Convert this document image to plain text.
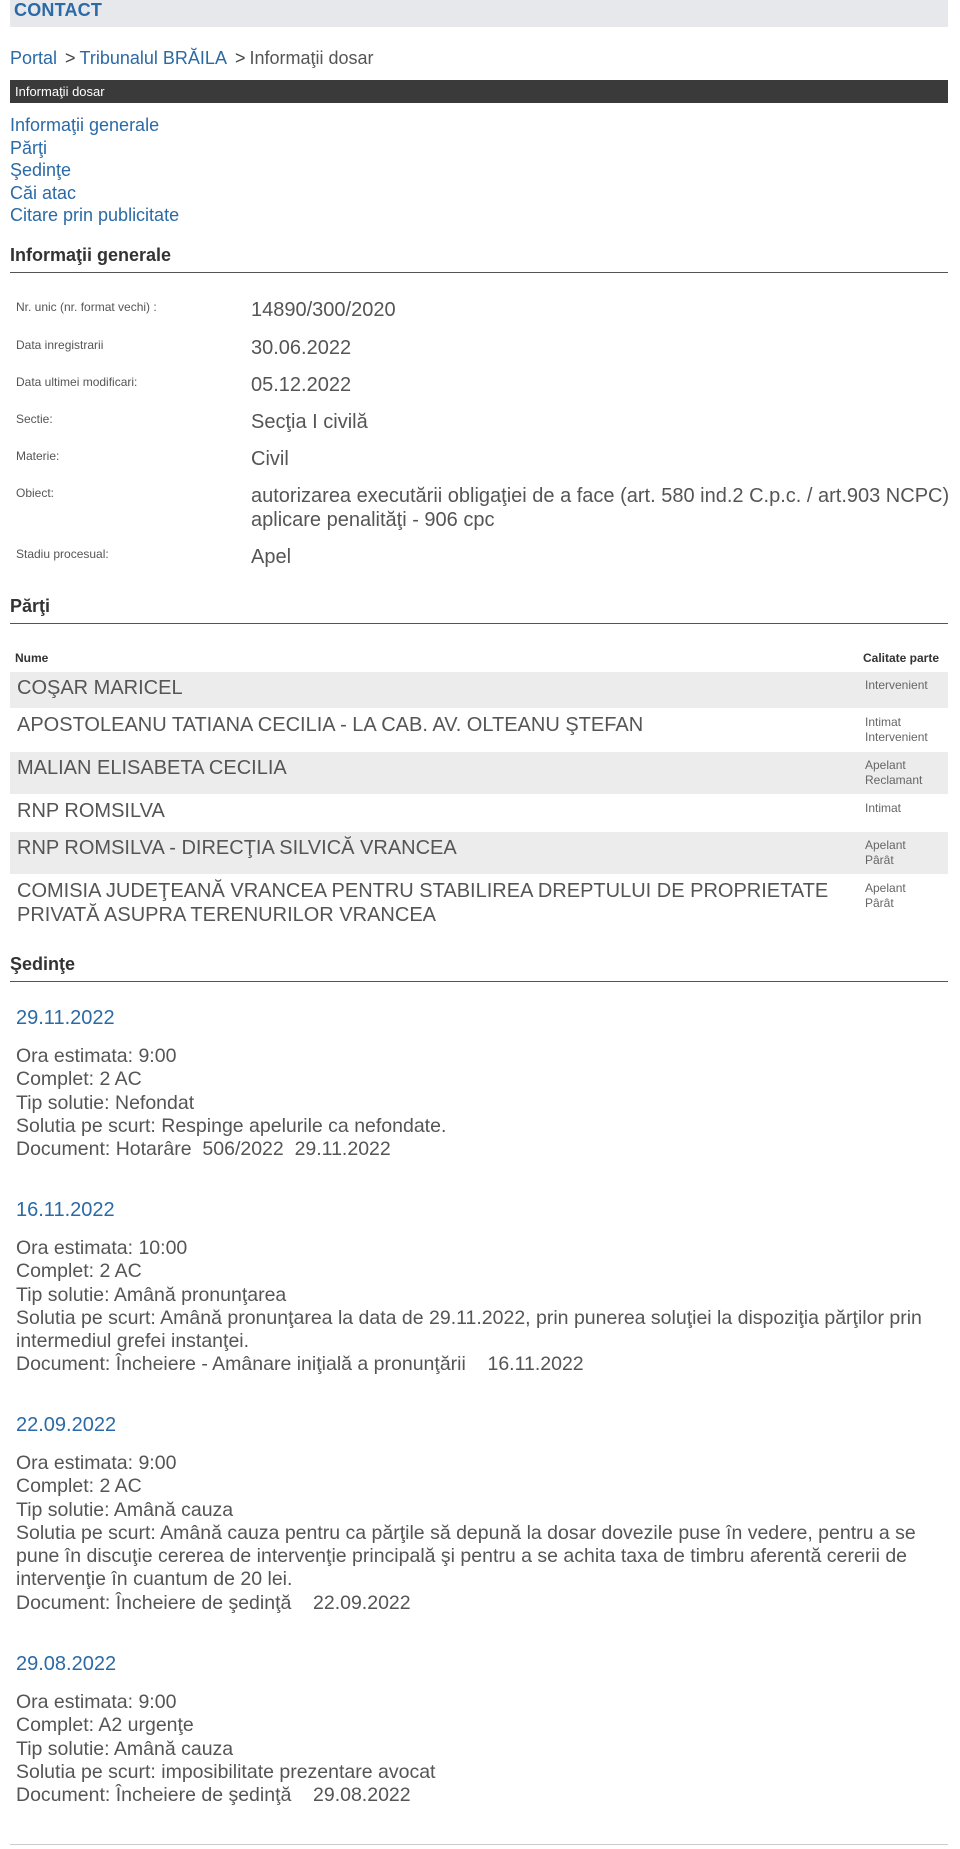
CONTACT
Portal > Tribunalul BRĂILA > Informaţii dosar
Informaţii dosar
Informaţii generale
Părţi
Şedinţe
Căi atac
Citare prin publicitate
Informaţii generale
Nr. unic (nr. format vechi) :	14890/300/2020
Data inregistrarii	30.06.2022
Data ultimei modificari:	05.12.2022
Sectie:	Secţia I civilă
Materie:	Civil
Obiect:	autorizarea executării obligaţiei de a face (art. 580 ind.2 C.p.c. / art.903 NCPC) aplicare penalităţi - 906 cpc
Stadiu procesual:	Apel
Părţi
Nume	Calitate parte
COŞAR MARICEL	Intervenient
APOSTOLEANU TATIANA CECILIA - LA CAB. AV. OLTEANU ŞTEFAN	Intimat
Intervenient
MALIAN ELISABETA CECILIA	Apelant
Reclamant
RNP ROMSILVA	Intimat
RNP ROMSILVA - DIRECŢIA SILVICĂ VRANCEA	Apelant
Pârât
COMISIA JUDEŢEANĂ VRANCEA PENTRU STABILIREA DREPTULUI DE PROPRIETATE PRIVATĂ ASUPRA TERENURILOR VRANCEA
Apelant
Pârât
Şedinţe
29.11.2022
Ora estimata: 9:00
Complet: 2 AC
Tip solutie: Nefondat
Solutia pe scurt: Respinge apelurile ca nefondate.
Document: Hotarâre  506/2022  29.11.2022
16.11.2022
Ora estimata: 10:00
Complet: 2 AC
Tip solutie: Amână pronunţarea
Solutia pe scurt: Amână pronunţarea la data de 29.11.2022, prin punerea soluţiei la dispoziţia părţilor prin intermediul grefei instanţei.
Document: Încheiere - Amânare iniţială a pronunţării    16.11.2022
22.09.2022
Ora estimata: 9:00
Complet: 2 AC
Tip solutie: Amână cauza
Solutia pe scurt: Amână cauza pentru ca părţile să depună la dosar dovezile puse în vedere, pentru a se pune în discuţie cererea de intervenţie principală şi pentru a se achita taxa de timbru aferentă cererii de intervenţie în cuantum de 20 lei.
Document: Încheiere de şedinţă    22.09.2022
29.08.2022
Ora estimata: 9:00
Complet: A2 urgenţe
Tip solutie: Amână cauza
Solutia pe scurt: imposibilitate prezentare avocat
Document: Încheiere de şedinţă    29.08.2022
